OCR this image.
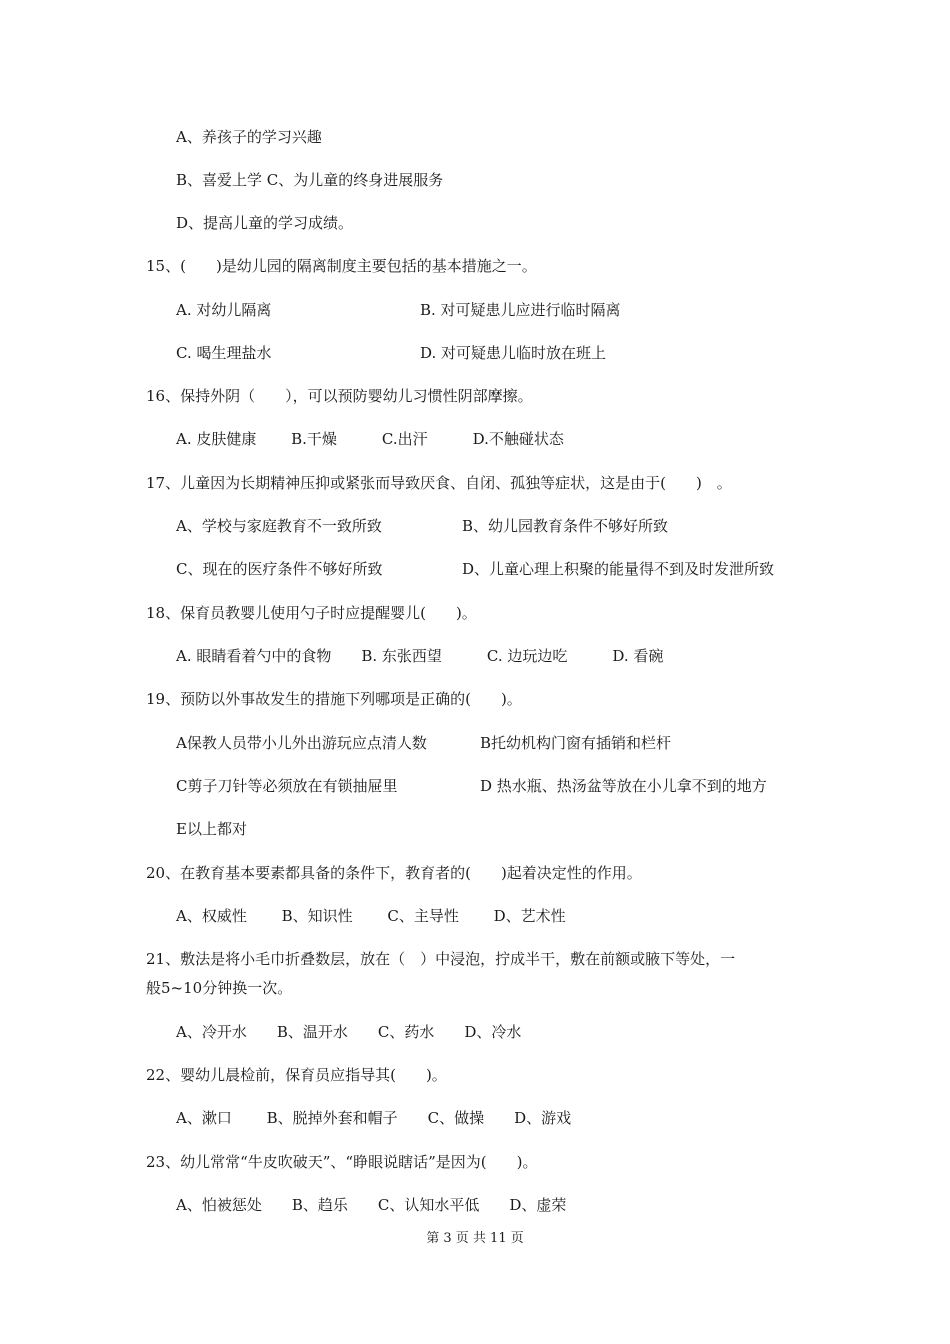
A、养孩子的学习兴趣
B、喜爱上学 C、为儿童的终身进展服务
D、提高儿童的学习成绩。
15、(　　)是幼儿园的隔离制度主要包括的基本措施之一。
A. 对幼儿隔离	B. 对可疑患儿应进行临时隔离
C. 喝生理盐水	D. 对可疑患儿临时放在班上
16、保持外阴（　　），可以预防婴幼儿习惯性阴部摩擦。
A. 皮肤健康　　 B.干燥　　　C.出汗　　　D.不触碰状态
17、儿童因为长期精神压抑或紧张而导致厌食、自闭、孤独等症状，这是由于(　　)　。
A、学校与家庭教育不一致所致	B、幼儿园教育条件不够好所致
C、现在的医疗条件不够好所致	D、儿童心理上积聚的能量得不到及时发泄所致
18、保育员教婴儿使用勺子时应提醒婴儿(　　)。
A. 眼睛看着勺中的食物　　B. 东张西望　　　C. 边玩边吃　　　D. 看碗
19、预防以外事故发生的措施下列哪项是正确的(　　)。
A保教人员带小儿外出游玩应点清人数	B托幼机构门窗有插销和栏杆
C剪子刀针等必须放在有锁抽屉里	D 热水瓶、热汤盆等放在小儿拿不到的地方
E以上都对
20、在教育基本要素都具备的条件下，教育者的(　　)起着决定性的作用。
A、权威性　　 B、知识性　　 C、主导性　　 D、艺术性
21、敷法是将小毛巾折叠数层，放在（　）中浸泡，拧成半干，敷在前额或腋下等处，一
般5~10分钟换一次。
A、冷开水　　B、温开水　　C、药水　　D、冷水
22、婴幼儿晨检前，保育员应指导其(　　)。
A、漱口　　 B、脱掉外套和帽子　　C、做操　　D、游戏
23、幼儿常常“牛皮吹破天”、“睁眼说瞎话”是因为(　　)。
A、怕被惩处　　B、趋乐　　C、认知水平低　　D、虚荣
第 3 页 共 11 页
